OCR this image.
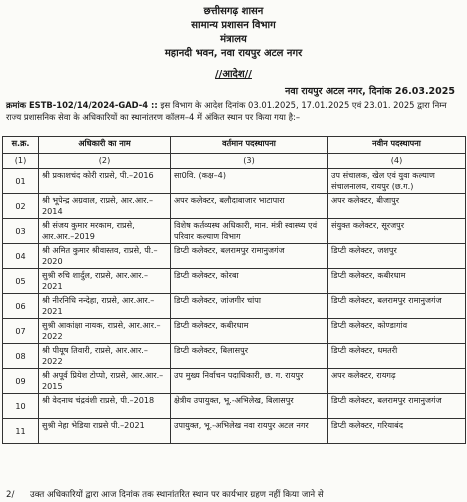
छत्तीसगढ़ शासन
सामान्य प्रशासन विभाग
मंत्रालय
महानदी भवन, नवा रायपुर अटल नगर
//आदेश//
नवा रायपुर अटल नगर, दिनांक 26.03.2025
क्रमांक ESTB-102/14/2024-GAD-4 :: इस विभाग के आदेश दिनांक 03.01.2025, 17.01.2025 एवं 23.01. 2025 द्वारा निम्न राज्य प्रशासनिक सेवा के अधिकारियों का स्थानांतरण कॉलम–4 में अंकित स्थान पर किया गया है:–
स.क्र.	अधिकारी का नाम	वर्तमान पदस्थापना	नवीन पदस्थापना
(1)	(2)	(3)	(4)
01	श्री प्रकाशचंद कोरी राप्रसे, पी.–2016	सा0वि. (कक्ष–4)	उप संचालक, खेल एवं युवा कल्याण संचालनालय, रायपुर (छ.ग.)
02	श्री भूपेन्द्र अग्रवाल, राप्रसे, आर.आर.–2014	अपर कलेक्टर, बलौदाबाजार भाटापारा	अपर कलेक्टर, बीजापुर
03	श्री संजय कुमार मरकाम, राप्रसे, आर.आर.–2019	विशेष कर्तव्यस्थ अधिकारी, मान. मंत्री स्वास्थ्य एवं परिवार कल्याण विभाग	संयुक्त कलेक्टर, सूरजपुर
04	श्री अमित कुमार श्रीवास्तव, राप्रसे, पी.–2020	डिप्टी कलेक्टर, बलरामपुर रामानुजगंज	डिप्टी कलेक्टर, जशपुर
05	सुश्री रुचि शार्दुल, राप्रसे, आर.आर.–2021	डिप्टी कलेक्टर, कोरबा	डिप्टी कलेक्टर, कबीरधाम
06	श्री नीरनिधि नन्देहा, राप्रसे, आर.आर.–2021	डिप्टी कलेक्टर, जांजगीर चांपा	डिप्टी कलेक्टर, बलरामपुर रामानुजगंज
07	सुश्री आकांक्षा नायक, राप्रसे, आर.आर.–2022	डिप्टी कलेक्टर, कबीरधाम	डिप्टी कलेक्टर, कोण्डागांव
08	श्री पीयूष तिवारी, राप्रसे, आर.आर.–2022	डिप्टी कलेक्टर, बिलासपुर	डिप्टी कलेक्टर, धमतरी
09	श्री अपूर्व प्रियेश टोप्पो, राप्रसे, आर.आर.–2015	उप मुख्य निर्वाचन पदाधिकारी, छ. ग. रायपुर	अपर कलेक्टर, रायगढ़
10	श्री वेदनाथ चंद्रवंशी राप्रसे, पी.–2018	क्षेत्रीय उपायुक्त, भू.-अभिलेख, बिलासपुर	डिप्टी कलेक्टर, बलरामपुर रामानुजगंज
11	सुश्री नेहा भेडिया राप्रसे पी.–2021	उपायुक्त, भू.-अभिलेख नवा रायपुर अटल नगर	डिप्टी कलेक्टर, गरियाबंद
2/ उक्त अधिकारियों द्वारा आज दिनांक तक स्थानांतरित स्थान पर कार्यभार ग्रहण नहीं किया जाने से
